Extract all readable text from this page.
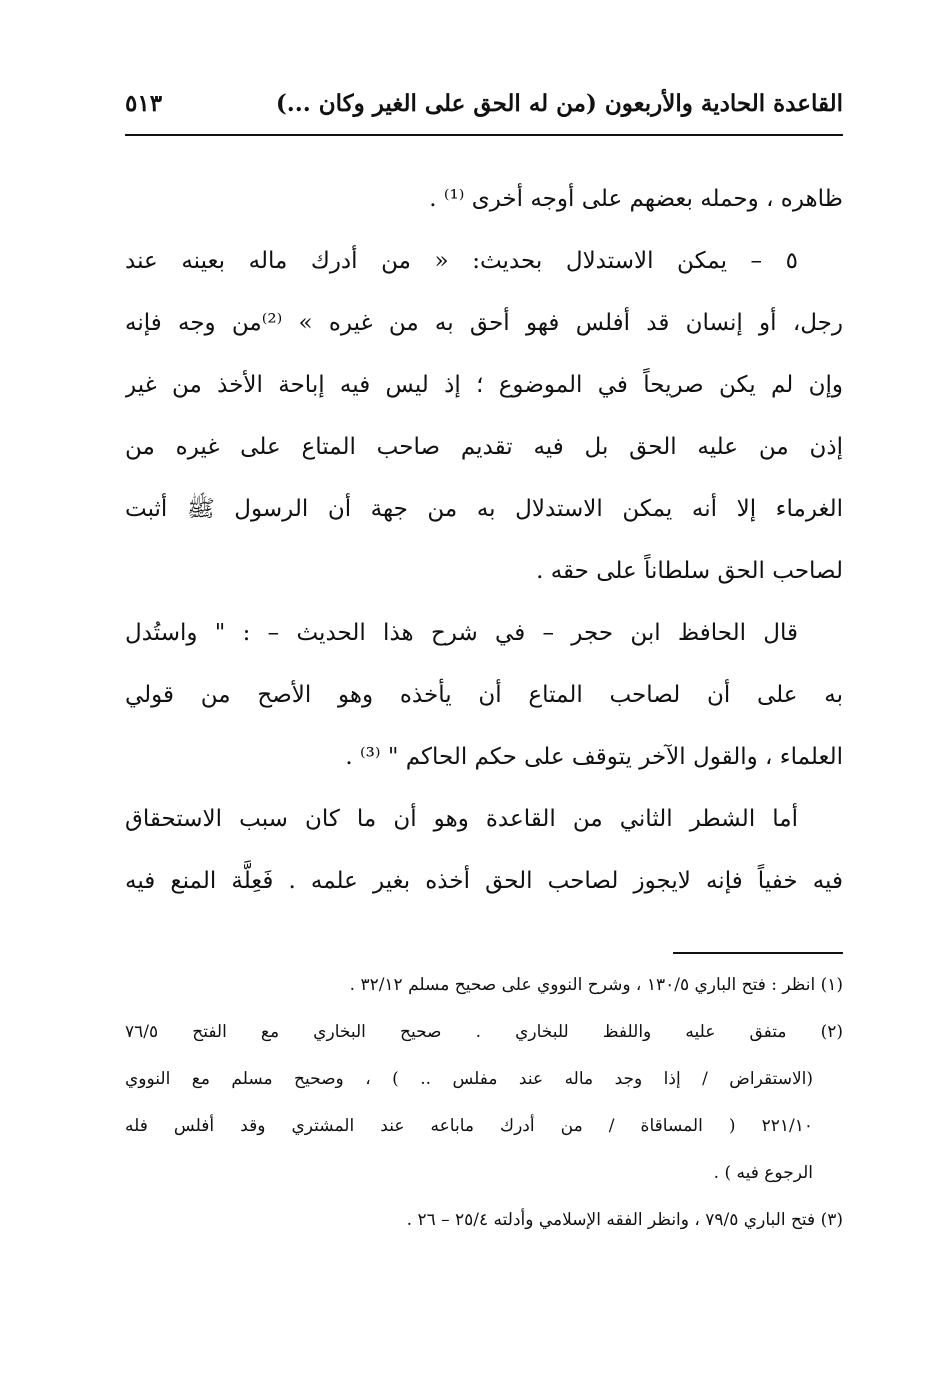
القاعدة الحادية والأربعون (من له الحق على الغير وكان ...)
٥١٣
ظاهره ، وحمله بعضهم على أوجه أخرى ⁽¹⁾ .
٥ – يمكن الاستدلال بحديث: « من أدرك ماله بعينه عند
رجل، أو إنسان قد أفلس فهو أحق به من غيره » ⁽²⁾من وجه فإنه
وإن لم يكن صريحاً في الموضوع ؛ إذ ليس فيه إباحة الأخذ من غير
إذن من عليه الحق بل فيه تقديم صاحب المتاع على غيره من
الغرماء إلا أنه يمكن الاستدلال به من جهة أن الرسول ﷺ أثبت
لصاحب الحق سلطاناً على حقه .
قال الحافظ ابن حجر – في شرح هذا الحديث – : " واستُدل
به على أن لصاحب المتاع أن يأخذه وهو الأصح من قولي
العلماء ، والقول الآخر يتوقف على حكم الحاكم " ⁽³⁾ .
أما الشطر الثاني من القاعدة وهو أن ما كان سبب الاستحقاق
فيه خفياً فإنه لايجوز لصاحب الحق أخذه بغير علمه . فَعِلَّة المنع فيه
(١) انظر : فتح الباري ١٣٠/٥ ، وشرح النووي على صحيح مسلم ٣٢/١٢ .
(٢) متفق عليه واللفظ للبخاري . صحيح البخاري مع الفتح ٧٦/٥
(الاستقراض / إذا وجد ماله عند مفلس .. ) ، وصحيح مسلم مع النووي
٢٢١/١٠ ( المساقاة / من أدرك ماباعه عند المشتري وقد أفلس فله
الرجوع فيه ) .
(٣) فتح الباري ٧٩/٥ ، وانظر الفقه الإسلامي وأدلته ٢٥/٤ – ٢٦ .
